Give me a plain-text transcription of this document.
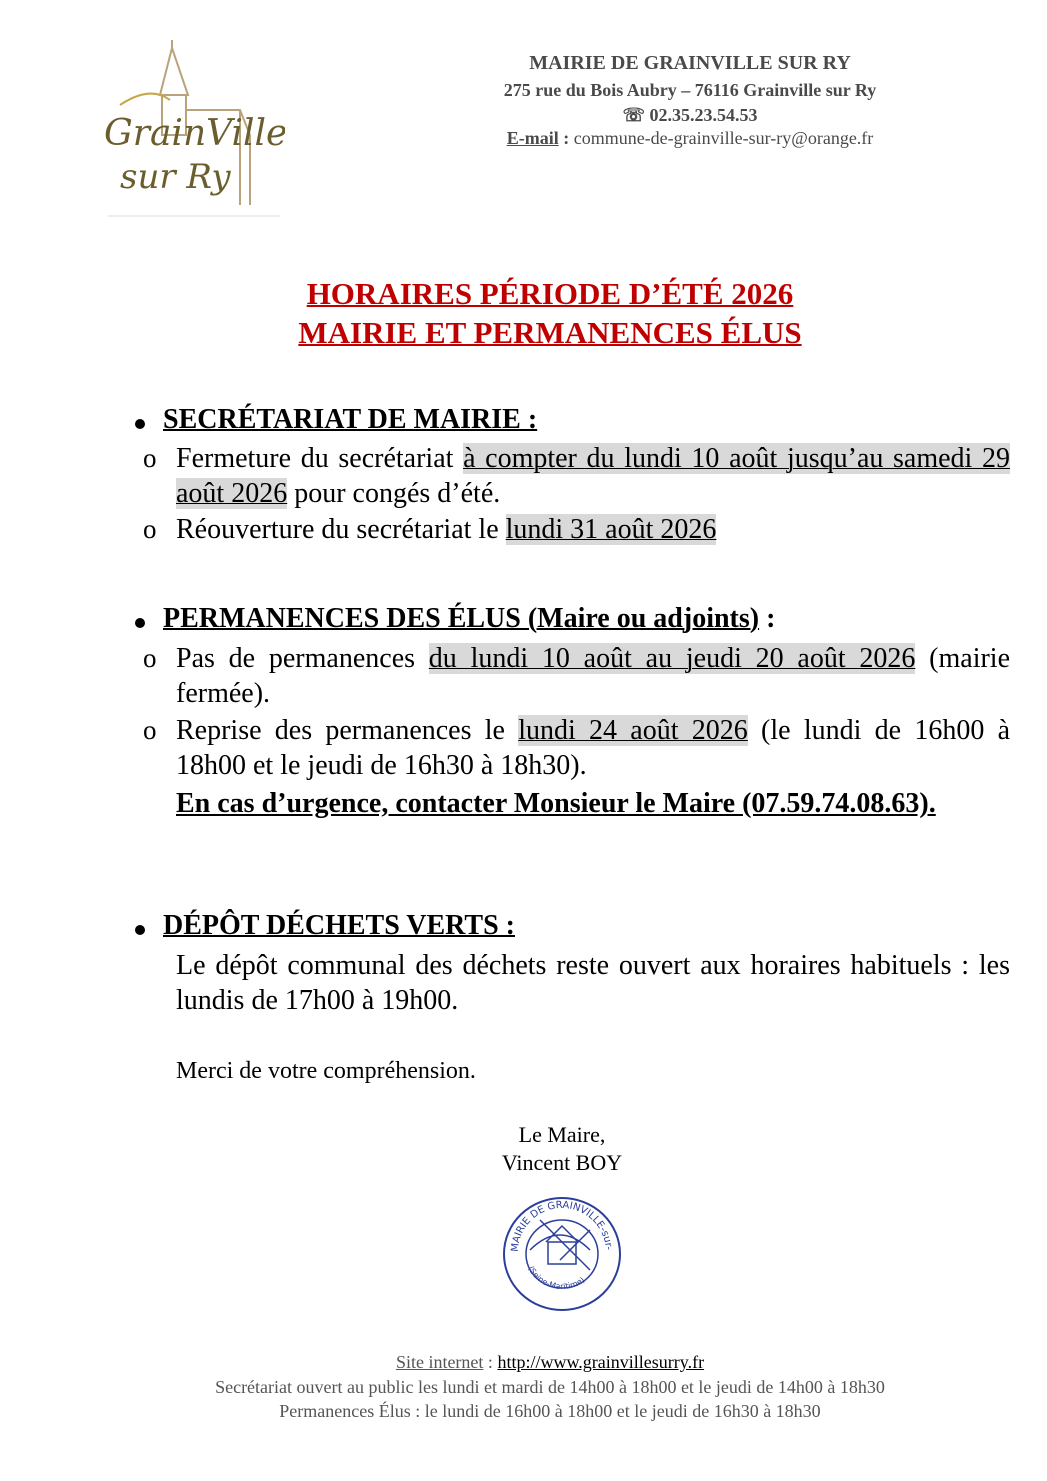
GrainVille
sur Ry
MAIRIE DE GRAINVILLE SUR RY
275 rue du Bois Aubry – 76116 Grainville sur Ry
☏ 02.35.23.54.53
E-mail : commune-de-grainville-sur-ry@orange.fr
HORAIRES PÉRIODE D’ÉTÉ 2026
MAIRIE ET PERMANENCES ÉLUS
SECRÉTARIAT DE MAIRIE :
o Fermeture du secrétariat à compter du lundi 10 août jusqu’au samedi 29 août 2026 pour congés d’été.
o Réouverture du secrétariat le lundi 31 août 2026
PERMANENCES DES ÉLUS (Maire ou adjoints) :
o Pas de permanences du lundi 10 août au jeudi 20 août 2026 (mairie fermée).
o Reprise des permanences le lundi 24 août 2026 (le lundi de 16h00 à 18h00 et le jeudi de 16h30 à 18h30).
En cas d’urgence, contacter Monsieur le Maire (07.59.74.08.63).
DÉPÔT DÉCHETS VERTS :
Le dépôt communal des déchets reste ouvert aux horaires habituels : les lundis de 17h00 à 19h00.
Merci de votre compréhension.
Le Maire,
Vincent BOY
MAIRIE DE GRAINVILLE-sur-
(Seine-Maritime)
Site internet : http://www.grainvillesurry.fr
Secrétariat ouvert au public les lundi et mardi de 14h00 à 18h00 et le jeudi de 14h00 à 18h30
Permanences Élus : le lundi de 16h00 à 18h00 et le jeudi de 16h30 à 18h30
